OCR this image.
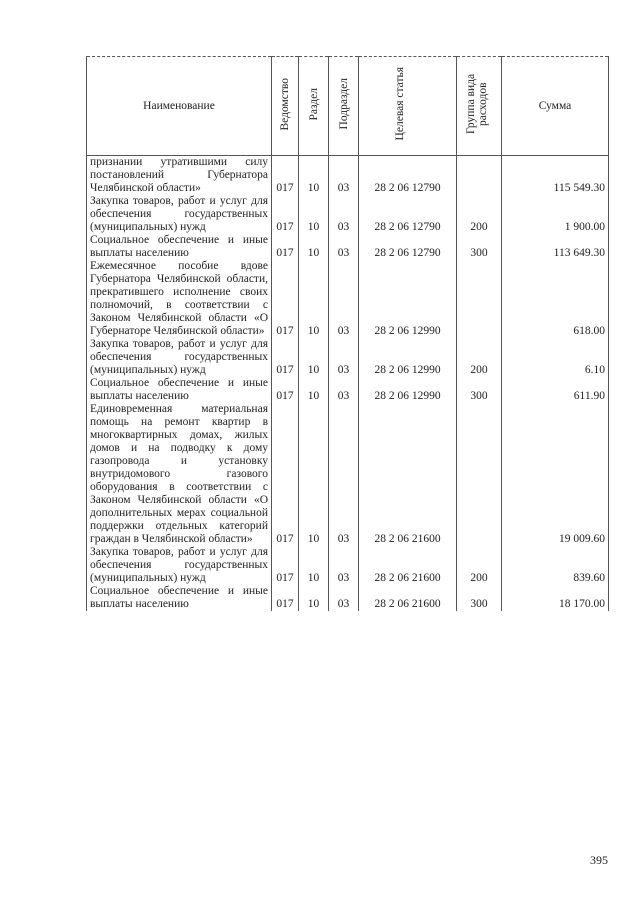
Наименование	Ведомство	Раздел	Подраздел	Целевая статья	Группа вида расходов	Сумма
признании утратившими силу постановлений Губернатора Челябинской области»	017	10	03	28 2 06 12790		115 549.30
Закупка товаров, работ и услуг для обеспечения государственных (муниципальных) нужд	017	10	03	28 2 06 12790	200	1 900.00
Социальное обеспечение и иные выплаты населению	017	10	03	28 2 06 12790	300	113 649.30
Ежемесячное пособие вдове Губернатора Челябинской области, прекратившего исполнение своих полномочий, в соответствии с Законом Челябинской области «О Губернаторе Челябинской области»	017	10	03	28 2 06 12990		618.00
Закупка товаров, работ и услуг для обеспечения государственных (муниципальных) нужд	017	10	03	28 2 06 12990	200	6.10
Социальное обеспечение и иные выплаты населению	017	10	03	28 2 06 12990	300	611.90
Единовременная материальная помощь на ремонт квартир в многоквартирных домах, жилых домов и на подводку к дому газопровода и установку внутридомового газового оборудования в соответствии с Законом Челябинской области «О дополнительных мерах социальной поддержки отдельных категорий граждан в Челябинской области»	017	10	03	28 2 06 21600		19 009.60
Закупка товаров, работ и услуг для обеспечения государственных (муниципальных) нужд	017	10	03	28 2 06 21600	200	839.60
Социальное обеспечение и иные выплаты населению	017	10	03	28 2 06 21600	300	18 170.00
395
